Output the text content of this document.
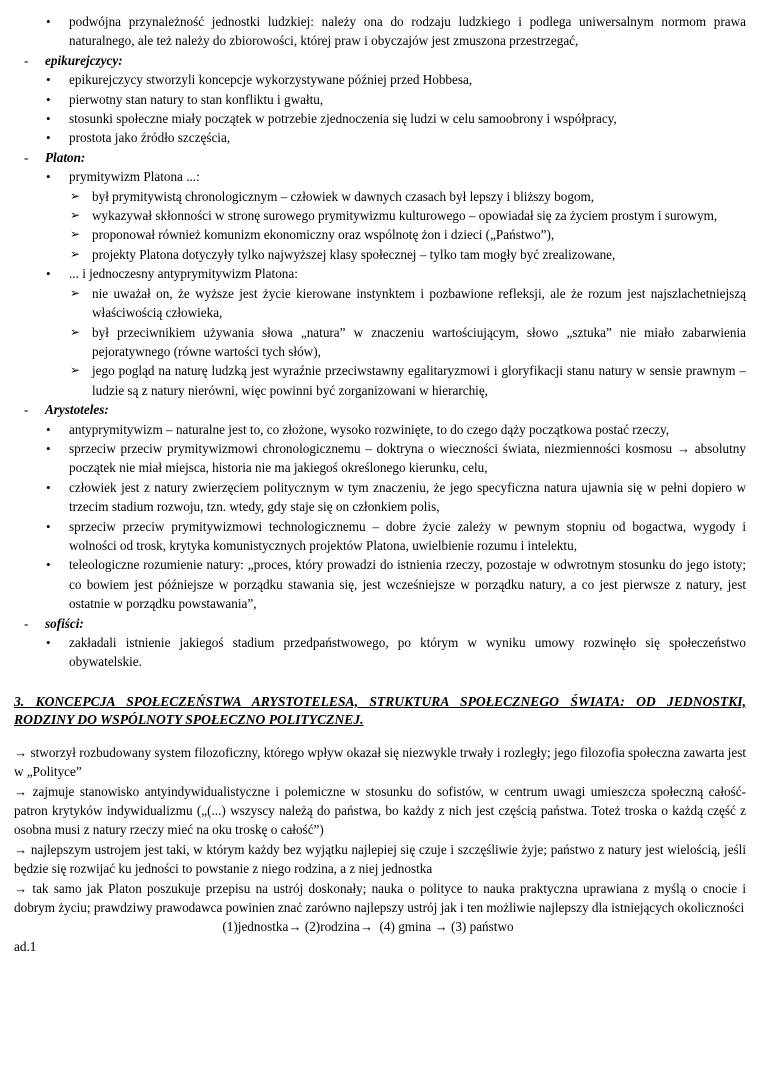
• podwójna przynależność jednostki ludzkiej: należy ona do rodzaju ludzkiego i podlega uniwersalnym normom prawa naturalnego, ale też należy do zbiorowości, której praw i obyczajów jest zmuszona przestrzegać,
- epikurejczycy:
• epikurejczycy stworzyli koncepcje wykorzystywane później przed Hobbesa,
• pierwotny stan natury to stan konfliktu i gwałtu,
• stosunki społeczne miały początek w potrzebie zjednoczenia się ludzi w celu samoobrony i współpracy,
• prostota jako źródło szczęścia,
- Platon:
• prymitywizm Platona ...:
➢ był prymitywistą chronologicznym – człowiek w dawnych czasach był lepszy i bliższy bogom,
➢ wykazywał skłonności w stronę surowego prymitywizmu kulturowego – opowiadał się za życiem prostym i surowym,
➢ proponował również komunizm ekonomiczny oraz wspólnotę żon i dzieci („Państwo”),
➢ projekty Platona dotyczyły tylko najwyższej klasy społecznej – tylko tam mogły być zrealizowane,
• ... i jednoczesny antyprymitywizm Platona:
➢ nie uważał on, że wyższe jest życie kierowane instynktem i pozbawione refleksji, ale że rozum jest najszlachetniejszą właściwością człowieka,
➢ był przeciwnikiem używania słowa „natura” w znaczeniu wartościującym, słowo „sztuka” nie miało zabarwienia pejoratywnego (równe wartości tych słów),
➢ jego pogląd na naturę ludzką jest wyraźnie przeciwstawny egalitaryzmowi i gloryfikacji stanu natury w sensie prawnym – ludzie są z natury nierówni, więc powinni być zorganizowani w hierarchię,
- Arystoteles:
• antyprymitywizm – naturalne jest to, co złożone, wysoko rozwinięte, to do czego dąży początkowa postać rzeczy,
• sprzeciw przeciw prymitywizmowi chronologicznemu – doktryna o wieczności świata, niezmienności kosmosu → absolutny początek nie miał miejsca, historia nie ma jakiegoś określonego kierunku, celu,
• człowiek jest z natury zwierzęciem politycznym w tym znaczeniu, że jego specyficzna natura ujawnia się w pełni dopiero w trzecim stadium rozwoju, tzn. wtedy, gdy staje się on członkiem polis,
• sprzeciw przeciw prymitywizmowi technologicznemu – dobre życie zależy w pewnym stopniu od bogactwa, wygody i wolności od trosk, krytyka komunistycznych projektów Platona, uwielbienie rozumu i intelektu,
• teleologiczne rozumienie natury: „proces, który prowadzi do istnienia rzeczy, pozostaje w odwrotnym stosunku do jego istoty; co bowiem jest późniejsze w porządku stawania się, jest wcześniejsze w porządku natury, a co jest pierwsze z natury, jest ostatnie w porządku powstawania”,
- sofiści:
• zakładali istnienie jakiegoś stadium przedpaństwowego, po którym w wyniku umowy rozwinęło się społeczeństwo obywatelskie.
3. KONCEPCJA SPOŁECZEŃSTWA ARYSTOTELESA, STRUKTURA SPOŁECZNEGO ŚWIATA: OD JEDNOSTKI, RODZINY DO WSPÓLNOTY SPOŁECZNO POLITYCZNEJ.
→ stworzył rozbudowany system filozoficzny, którego wpływ okazał się niezwykle trwały i rozległy; jego filozofia społeczna zawarta jest w „Polityce”
→ zajmuje stanowisko antyindywidualistyczne i polemiczne w stosunku do sofistów, w centrum uwagi umieszcza społeczną całość- patron krytyków indywidualizmu („(...) wszyscy należą do państwa, bo każdy z nich jest częścią państwa. Toteż troska o każdą część z osobna musi z natury rzeczy mieć na oku troskę o całość”)
→ najlepszym ustrojem jest taki, w którym każdy bez wyjątku najlepiej się czuje i szczęśliwie żyje; państwo z natury jest wielością, jeśli będzie się rozwijać ku jedności to powstanie z niego rodzina, a z niej jednostka
→ tak samo jak Platon poszukuje przepisu na ustrój doskonały; nauka o polityce to nauka praktyczna uprawiana z myślą o cnocie i dobrym życiu; prawdziwy prawodawca powinien znać zarówno najlepszy ustrój jak i ten możliwie najlepszy dla istniejących okoliczności
(1)jednostka→ (2)rodzina→ (4) gmina → (3) państwo
ad.1
